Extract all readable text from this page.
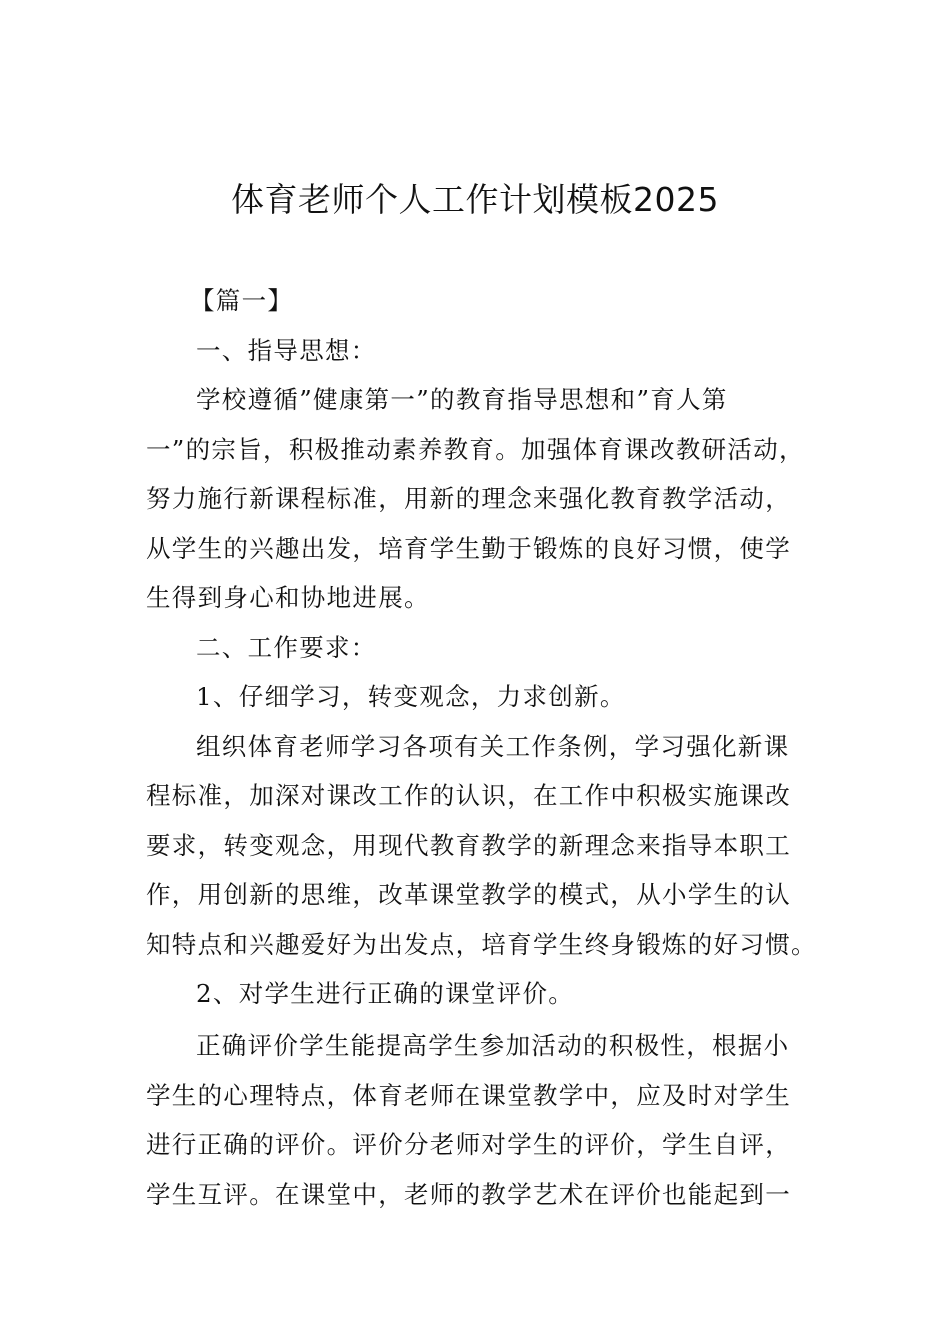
体育老师个人工作计划模板2025
【篇一】
一、指导思想：
学校遵循”健康第一”的教育指导思想和”育人第
一”的宗旨，积极推动素养教育。加强体育课改教研活动，
努力施行新课程标准，用新的理念来强化教育教学活动，
从学生的兴趣出发，培育学生勤于锻炼的良好习惯，使学
生得到身心和协地进展。
二、工作要求：
1、仔细学习，转变观念，力求创新。
组织体育老师学习各项有关工作条例，学习强化新课
程标准，加深对课改工作的认识，在工作中积极实施课改
要求，转变观念，用现代教育教学的新理念来指导本职工
作，用创新的思维，改革课堂教学的模式，从小学生的认
知特点和兴趣爱好为出发点，培育学生终身锻炼的好习惯。
2、对学生进行正确的课堂评价。
正确评价学生能提高学生参加活动的积极性，根据小
学生的心理特点，体育老师在课堂教学中，应及时对学生
进行正确的评价。评价分老师对学生的评价，学生自评，
学生互评。在课堂中，老师的教学艺术在评价也能起到一
